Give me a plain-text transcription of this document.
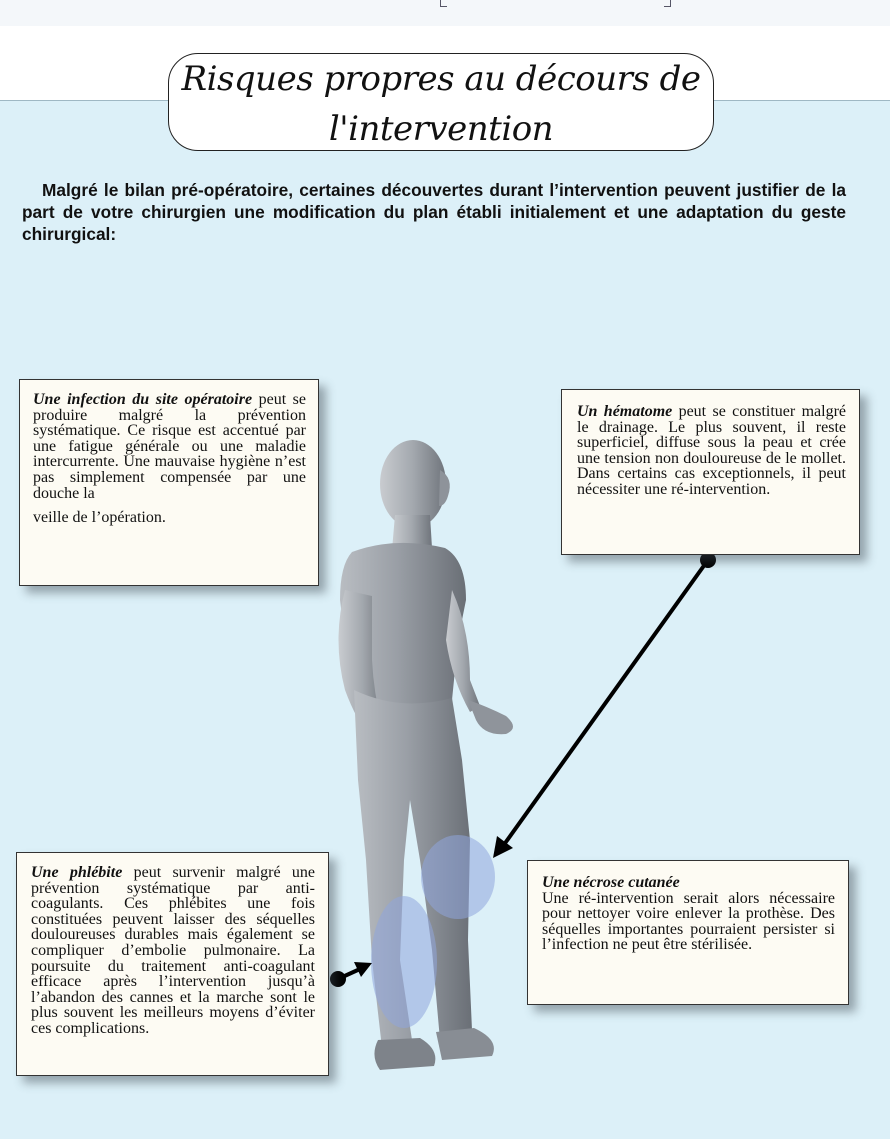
Risques propres au décours de
l'intervention
Malgré le bilan pré-opératoire, certaines découvertes durant l’intervention peuvent justifier de la part de votre chirurgien une modification du plan établi initialement et une adaptation du geste chirurgical:
Une infection du site opératoire peut se produire malgré la prévention systématique. Ce risque est accentué par une fatigue générale ou une maladie intercurrente. Une mauvaise hygiène n’est pas simplement compensée par une douche la
veille de l’opération.
Un hématome peut se constituer malgré le drainage. Le plus souvent, il reste superficiel, diffuse sous la peau et crée une tension non douloureuse de le mollet. Dans certains cas exceptionnels, il peut nécessiter une ré-intervention.
Une phlébite peut survenir malgré une prévention systématique par anti-coagulants. Ces phlébites une fois constituées peuvent laisser des séquelles douloureuses durables mais également se compliquer d’embolie pulmonaire. La poursuite du traitement anti-coagulant efficace après l’intervention jusqu’à l’abandon des cannes et la marche sont le plus souvent les meilleurs moyens d’éviter ces complications.
Une nécrose cutanée
Une ré-intervention serait alors nécessaire pour nettoyer voire enlever la prothèse. Des séquelles importantes pourraient persister si l’infection ne peut être stérilisée.
